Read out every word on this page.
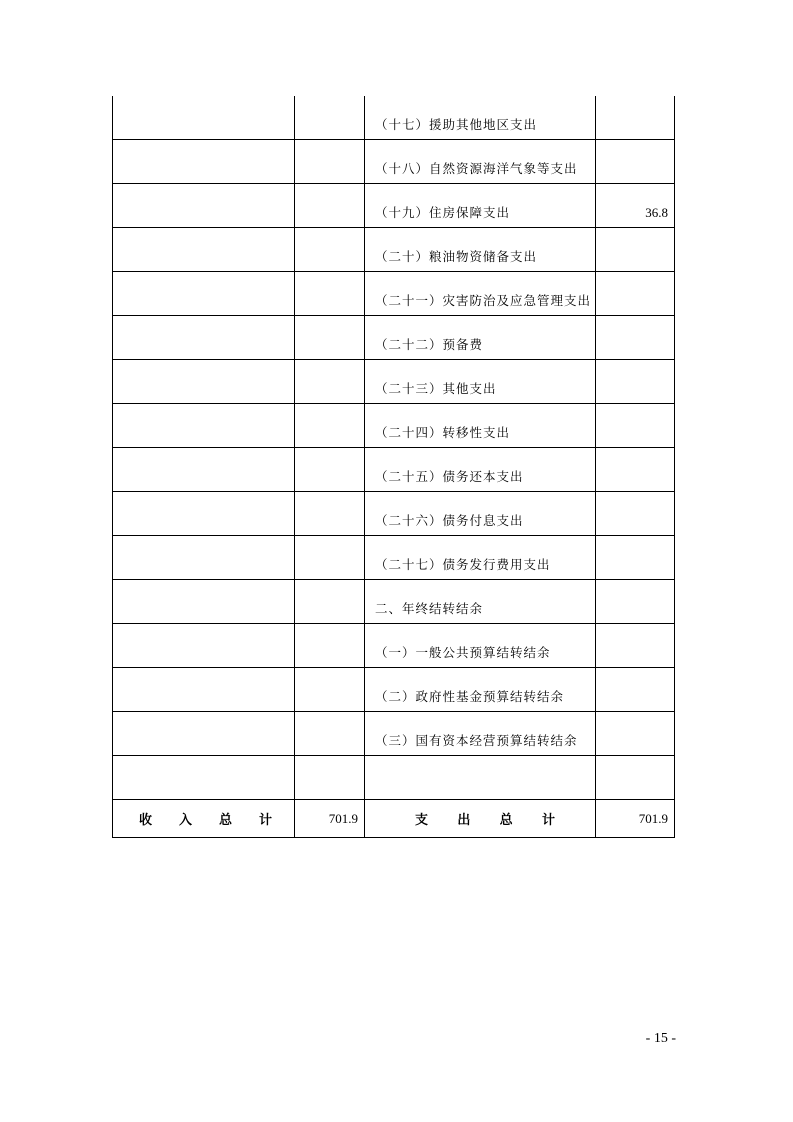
		（十七）援助其他地区支出	
		（十八）自然资源海洋气象等支出	
		（十九）住房保障支出	36.8
		（二十）粮油物资储备支出	
		（二十一）灾害防治及应急管理支出	
		（二十二）预备费	
		（二十三）其他支出	
		（二十四）转移性支出	
		（二十五）债务还本支出	
		（二十六）债务付息支出	
		（二十七）债务发行费用支出	
		二、年终结转结余	
		（一）一般公共预算结转结余	
		（二）政府性基金预算结转结余	
		（三）国有资本经营预算结转结余	

收 入 总 计	701.9	支 出 总 计	701.9
- 15 -
